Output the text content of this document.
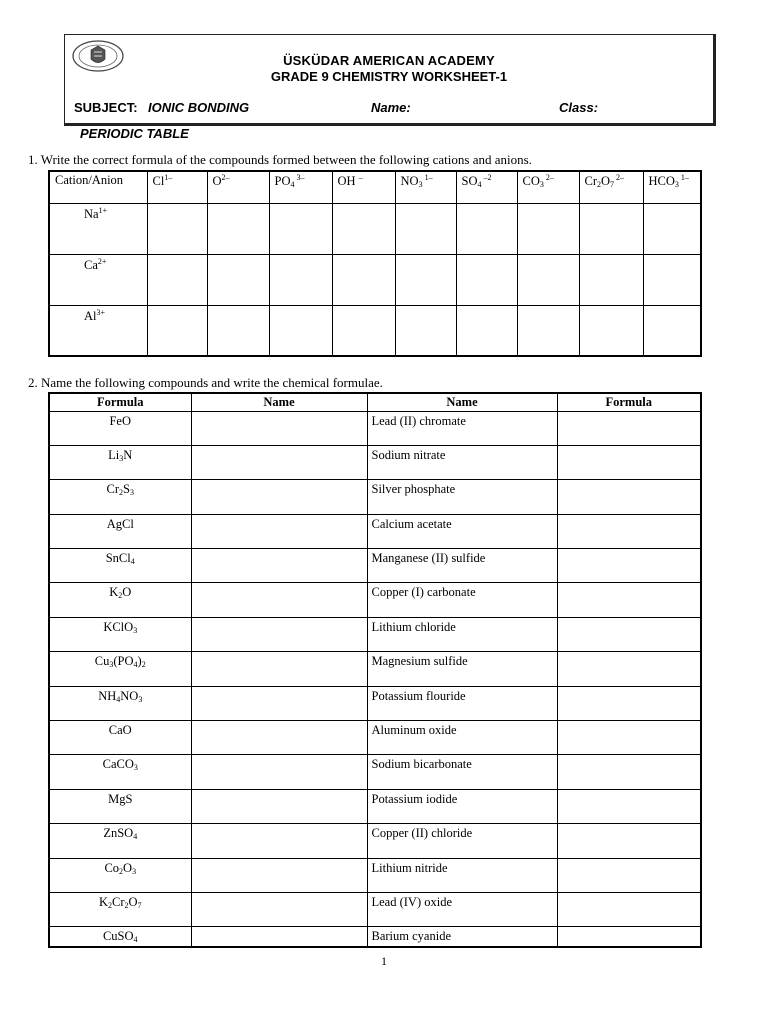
ÜSKÜDAR AMERICAN ACADEMY
GRADE 9 CHEMISTRY WORKSHEET-1
SUBJECT: IONIC BONDING	Name:	Class:
PERIODIC TABLE
1. Write the correct formula of the compounds formed between the following cations and anions.
Cation/Anion	$Cl^{1-}$	$O^{2-}$	$PO_4$ $^{3-}$	OH –	$NO_3$ $^{1-}$	$SO_4$ $^{-2}$	$CO_3$ $^{2-}$	$Cr_2O_7$ $^{2-}$	$HCO_3$ $^{1-}$
$Na^{1+}$									
$Ca^{2+}$									
$Al^{3+}$									
2. Name the following compounds and write the chemical formulae.
Formula	Name	Name	Formula
FeO		Lead (II) chromate	
$Li_3N$		Sodium nitrate	
$Cr_2S_3$		Silver phosphate	
AgCl		Calcium acetate	
SnCl$_4$		Manganese (II) sulfide	
$K_2O$		Copper (I) carbonate	
KClO$_3$		Lithium chloride	
$Cu_3(PO_4)_2$		Magnesium sulfide	
$NH_4NO_3$		Potassium flouride	
CaO		Aluminum oxide	
CaCO$_3$		Sodium bicarbonate	
MgS		Potassium iodide	
ZnSO$_4$		Copper (II) chloride	
$Co_2O_3$		Lithium nitride	
$K_2Cr_2O_7$		Lead (IV) oxide	
CuSO$_4$		Barium cyanide	
1
